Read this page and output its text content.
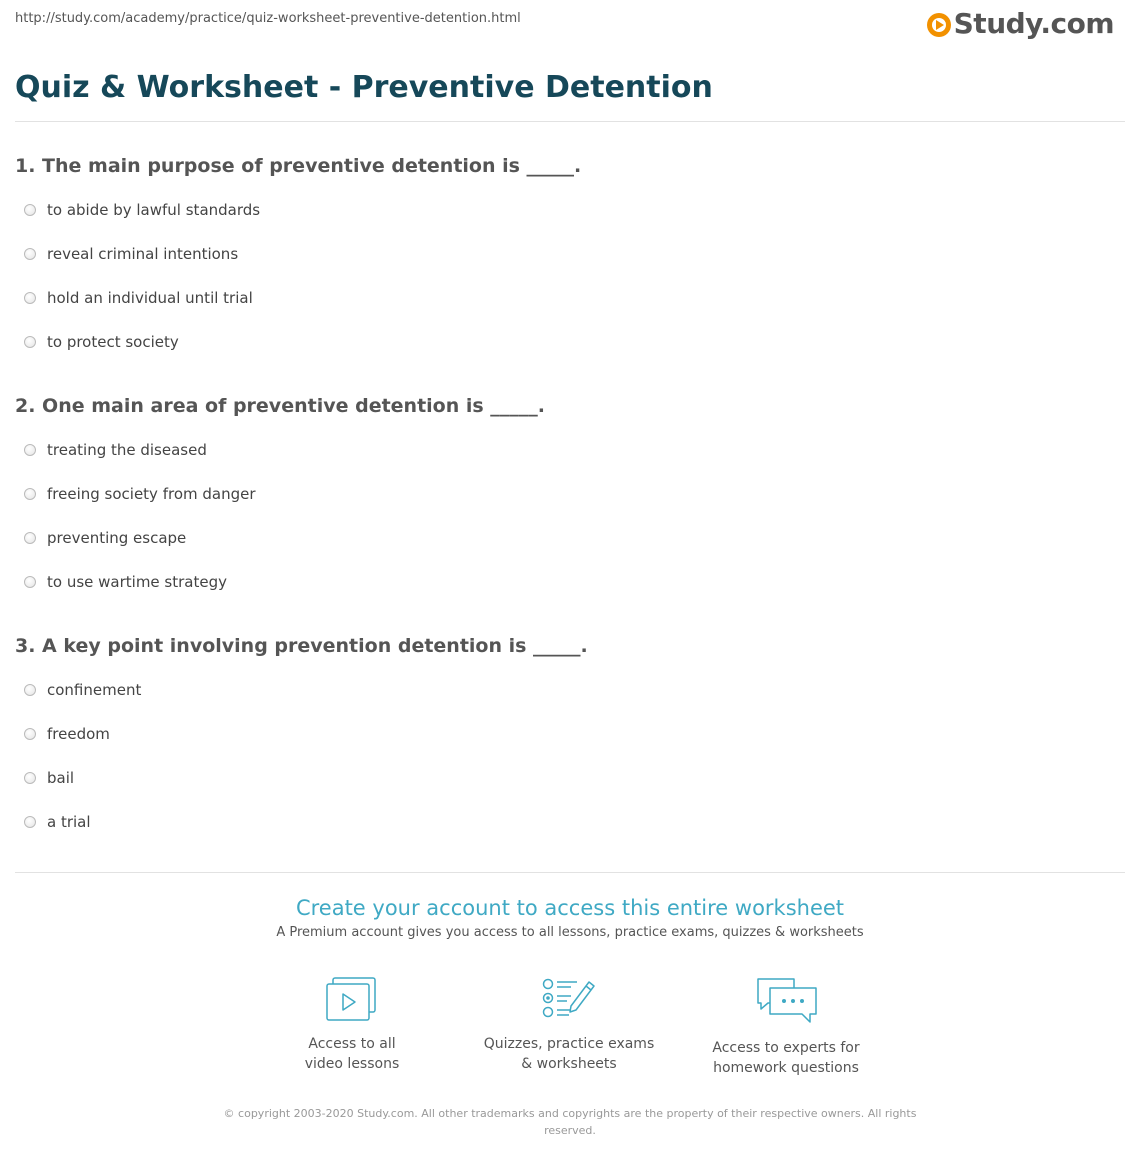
http://study.com/academy/practice/quiz-worksheet-preventive-detention.html	Study.com
Quiz & Worksheet - Preventive Detention
1. The main purpose of preventive detention is _____.
to abide by lawful standards
reveal criminal intentions
hold an individual until trial
to protect society
2. One main area of preventive detention is _____.
treating the diseased
freeing society from danger
preventing escape
to use wartime strategy
3. A key point involving prevention detention is _____.
confinement
freedom
bail
a trial
Create your account to access this entire worksheet
A Premium account gives you access to all lessons, practice exams, quizzes & worksheets
Access to all
video lessons
Quizzes, practice exams
& worksheets
Access to experts for
homework questions
© copyright 2003-2020 Study.com. All other trademarks and copyrights are the property of their respective owners. All rights reserved.
